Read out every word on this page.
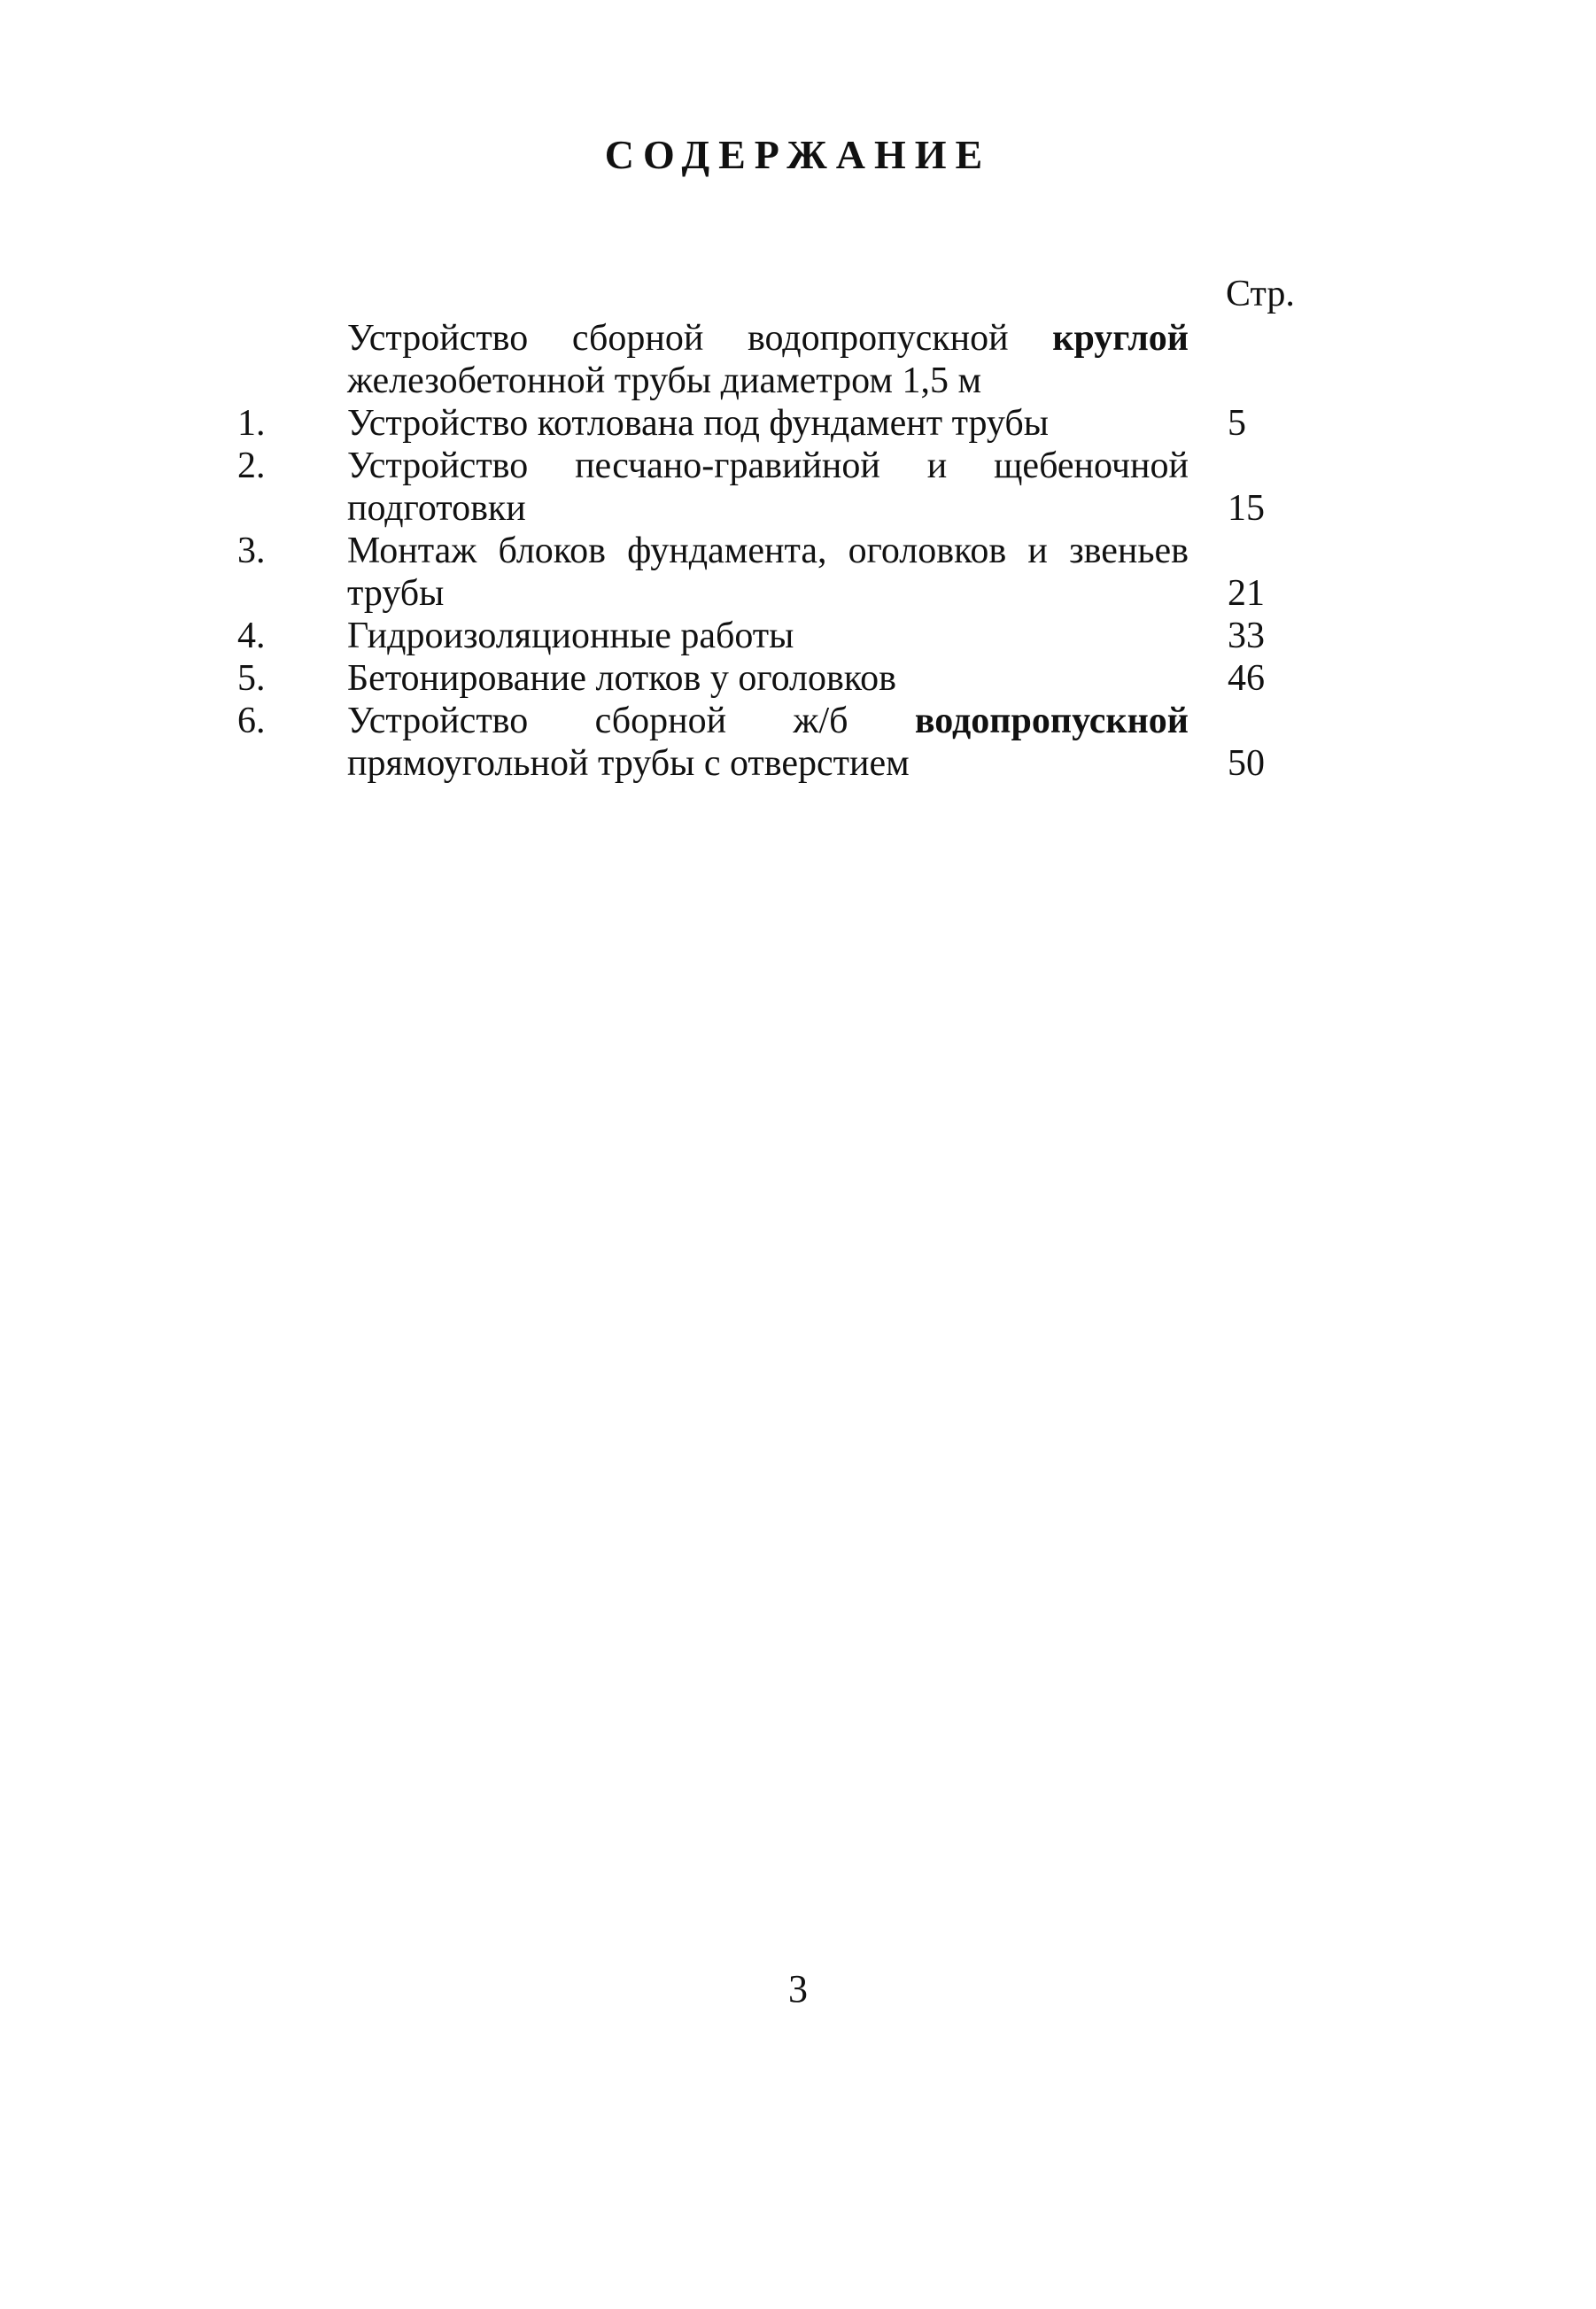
СОДЕРЖАНИЕ
Стр.
Устройство сборной водопропускной круглой
железобетонной трубы диаметром 1,5 м
1.	Устройство котлована под фундамент трубы	5
2.	Устройство песчано-гравийной и щебеночной
подготовки	15
3.	Монтаж блоков фундамента, оголовков и звеньев
трубы	21
4.	Гидроизоляционные работы	33
5.	Бетонирование лотков у оголовков	46
6.	Устройство сборной ж/б водопропускной
прямоугольной трубы с отверстием	50
3
